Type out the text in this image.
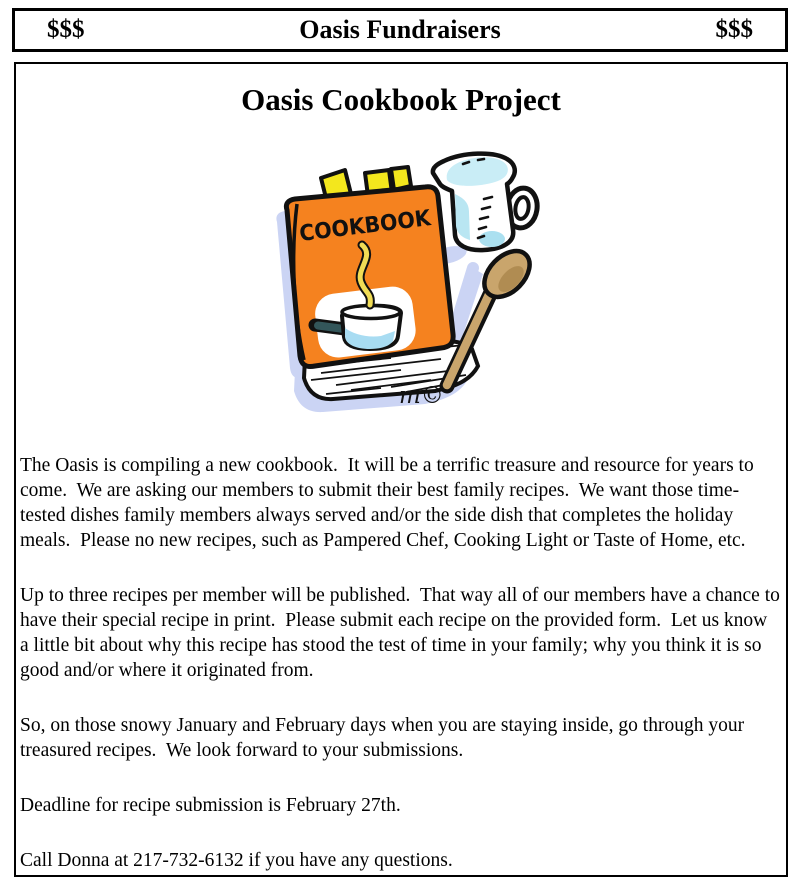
$$$	Oasis Fundraisers	$$$
Oasis Cookbook Project
COOKBOOK
m©

The Oasis is compiling a new cookbook.  It will be a terrific treasure and resource for years to come.  We are asking our members to submit their best family recipes.  We want those time-tested dishes family members always served and/or the side dish that completes the holiday meals.  Please no new recipes, such as Pampered Chef, Cooking Light or Taste of Home, etc.

Up to three recipes per member will be published.  That way all of our members have a chance to have their special recipe in print.  Please submit each recipe on the provided form.  Let us know a little bit about why this recipe has stood the test of time in your family; why you think it is so good and/or where it originated from.

So, on those snowy January and February days when you are staying inside, go through your treasured recipes.  We look forward to your submissions.

Deadline for recipe submission is February 27th.

Call Donna at 217-732-6132 if you have any questions.
